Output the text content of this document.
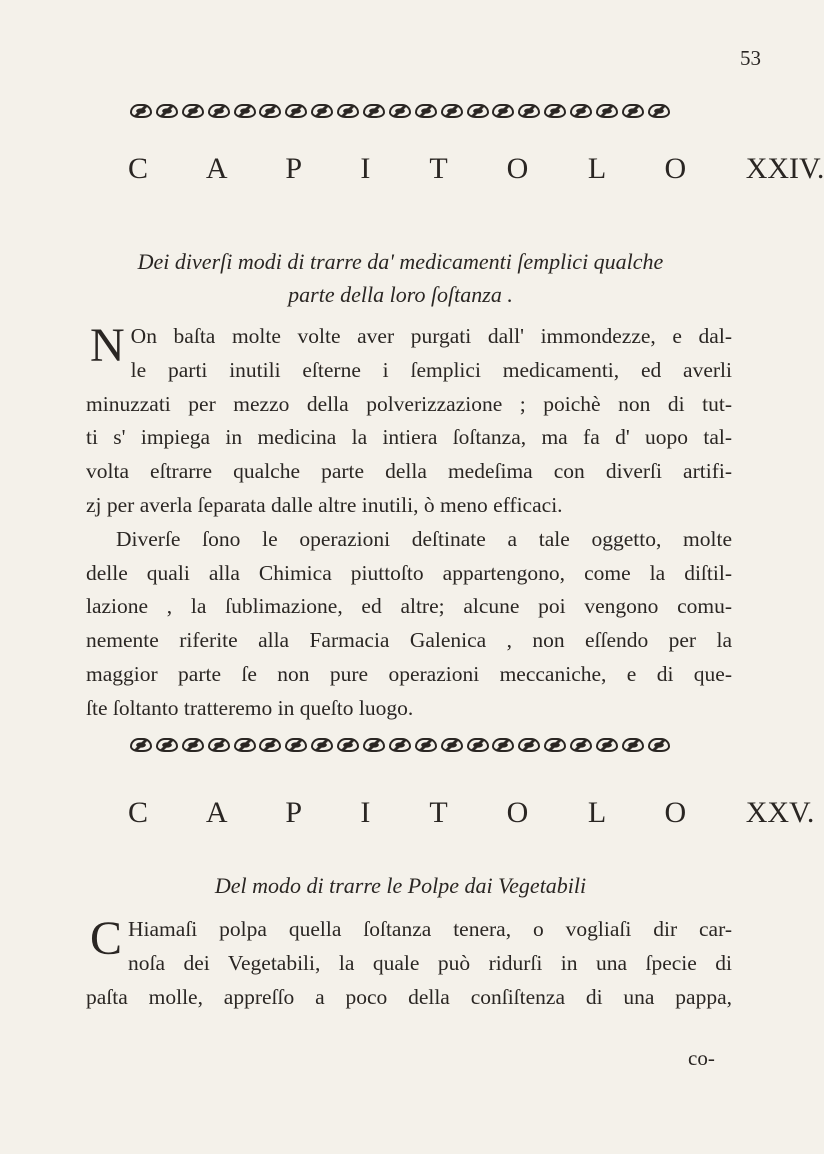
53
C A P I T O L O XXIV.
Dei diverſi modi di trarre da' medicamenti ſemplici qualche
parte della loro ſoſtanza .
N On baſta molte volte aver purgati dall' immondezze, e dal-
le parti inutili eſterne i ſemplici medicamenti, ed averli
minuzzati per mezzo della polverizzazione ; poichè non di tut-
ti s' impiega in medicina la intiera ſoſtanza, ma fa d' uopo tal-
volta eſtrarre qualche parte della medeſima con diverſi artifi-
zj per averla ſeparata dalle altre inutili, ò meno efficaci.
Diverſe ſono le operazioni deſtinate a tale oggetto, molte
delle quali alla Chimica piuttoſto appartengono, come la diſtil-
lazione , la ſublimazione, ed altre; alcune poi vengono comu-
nemente riferite alla Farmacia Galenica , non eſſendo per la
maggior parte ſe non pure operazioni meccaniche, e di que-
ſte ſoltanto tratteremo in queſto luogo.
C A P I T O L O XXV.
Del modo di trarre le Polpe dai Vegetabili
C Hiamaſi polpa quella ſoſtanza tenera, o vogliaſi dir car-
noſa dei Vegetabili, la quale può ridurſi in una ſpecie di
paſta molle, appreſſo a poco della conſiſtenza di una pappa,
co-
